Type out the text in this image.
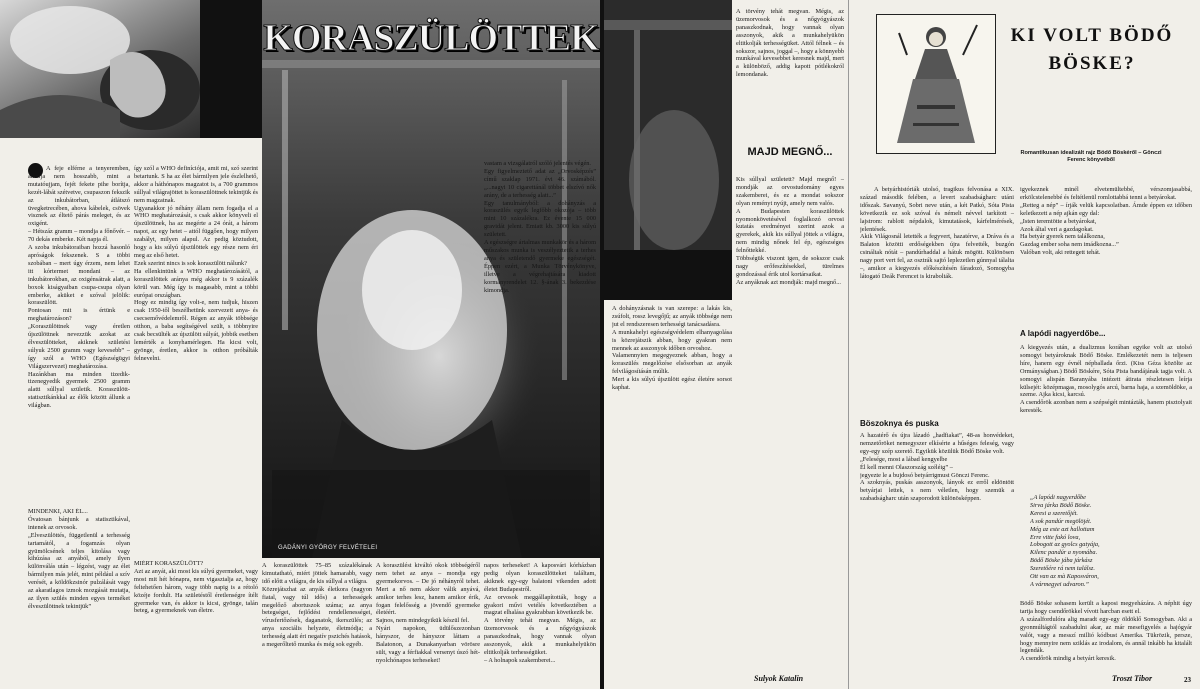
KORASZÜLÖTTEK
GADÁNYI GYÖRGY FELVÉTELEI
A feje elférne a tenyeremben, alkarja nem hosszabb, mint a mutatóujjam, fejét fekete pihe borítja, kezét-lábát szétvetve, csupaszon fekszik az inkubátorban, átlátszó üvegketrecében, ahova kábelek, csövek visznek az éltető párás meleget, és az oxigént.
– Hétszáz gramm – mondja a főnővér. – 70 dekás emberke. Két napja él.
A szoba inkubátoraiban hozzá hasonló apróságok fekszenek. S a többi szobában – mert úgy érzem, nem lehet itt kórtermet mondani – az inkubátorokban, az oxigénsátrak alatt, a boxok kiságyaiban csupa-csupa olyan emberke, aküket e szóval jelölik: koraszülött.
Pontosan mit is értünk e meghatározáson?
„Koraszülöttnek vagy éretlen újszülöttnek nevezzük azokat az élveszülötteket, akiknek születési súlyuk 2500 gramm vagy kevesebb” – így szól a WHO (Egészségügyi Világszervezet) meghatározása.
Hazánkban ma minden tizedik-tizenegyedik gyermek 2500 gramm alatti súllyal születik. Koraszülött-statisztikánkkal az élők között állunk a világban.
így szól a WHO definíciója, amit mi, szó szerint betartunk. S ha az élet bármilyen jele észlelhető, akkor a háthónapos magzatot is, a 700 grammos súllyal világrajöttet is koraszülöttnek tekintjük és nem magzatnak.
Ugyanakkor jó néhány állam nem fogadja el a WHO meghatározását, s csak akkor könyveli el újszülöttnek, ha az megérte a 24 órát, a három napot, az egy hetet – attól függően, hogy milyen szabályt, milyen alapul. Az pedig köztudott, hogy a kis súlyú újszülöttek egy része nem éri meg az első hetet.
Ezek szerint nincs is sok koraszülött nálunk?
Ha ellenkintünk a WHO meghatározásától, a koraszülöttek aránya még akkor is 9 százalék körül van. Még így is magasabb, mint a többi európai országban.
Hogy ez mindig így volt-e, nem tudjuk, hiszen csak 1950-től beszélhetünk szervezett anya- és csecsemővédelemről. Régen az anyák többsége otthon, a baba segítségével szült, s többnyire csak becsülték az újszülött súlyát, jobbik esetben lemérték a konyhamérlegen. Ha kicsi volt, gyönge, éretlen, akkor is otthon próbálták felnevelni.
MINDENKI, AKI ÉL...
Óvatosan bánjunk a statisztikával, intenek az orvosok.
„Elveszülöttés, függetlenül a terhesség tartamától, a fogamzás olyan gyümölcsének teljes kitolása vagy kihúzása az anyából, amely ilyen különválás után – légzést, vagy az élet bármilyen más jelét, mint például a szív verését, a köldökzsinór pulzálását vagy az akaratlagos izmok mozgását mutatja, az ilyen szülés minden egyes terméket élveszülöttnek tekintjük”
MIÉRT KORASZÜLÖTT?
Azt az anyát, aki most kis súlyú gyermeket, vagy most mit hét hónapra, nem vigasztalja az, hogy feltehetően három, vagy több napig is a rétoló közéje fordult. Ha születéstől éretlenségre ítélt gyermeke van, és akkor is kicsi, gyönge, talán beteg, a gyermeknek van életre.
A koraszülöttek 75–85 százalékának kimutatható, miért jöttek hamarabb, vagy idő előtt a világra, de kis súllyal a világra.
Közrejátszhat az anyák életkora (nagyon fiatal, vagy túl idős) a terhességek megelőző abortuszok száma; az anya betegségei, fejlődési rendellenességei, vírusfertőzések, daganatok, ikerszülés; az anya szociális helyzete, életmódja; a terhesség alatt éri negatív pszichés hatások, a megerőltető munka és még sok egyéb.
A koraszülést kiváltó okok többségéről nem tehet az anya – mondja egy gyermekorvos. – De jó néhányról tehet. Mert a nő nem akkor válik anyává, amikor terhes lesz, hanem amikor érik, fogan felelősség a jövendő gyermeke életéért.
Sajnos, nem mindegyikük készül fel.
Nyári napokon, üdülőszezonban hányszor, de hányszor láttam a Balatonon, a Dunakanyarban vörösre sült, vagy a férfiakkal versenyt úszó hét-nyolchónapos terheseket!
vastam a vizsgálatról szóló jelentés végén.
Egy figyelmeztető adat az „Orvosképzés” című szaklap 1971. évi 46. számából. „...nagyi 10 cigarettánál többet elszívó nők arány, de a terhesség alatt...”
Egy tanulmányból: a dohányzás a koraszülés egyik legfőbb okozója – több mint 10 százalékra. Ez évente 15 000 gravidát jelent. Emiatt kb. 3000 kis súlyú született.
A egészségre ártalmas munkakör és a három műszakos munka is veszélyeztetik a terhes anya és születendő gyermeke egészségét. Éppen ezért, a Munka Törvénykönyve, illetve a végrehajtására kiadott kormányrendelet 12. §-ának 3. bekezdése kimondja.
napos terheseket! A kaposvári kórházban pedig olyan koraszülötteket találtam, akiknek egy-egy balatoni vikenden adott életet Budapestről.
Az orvosok meggállapították, hogy a gyakori művi vetélés következtében a magzat elhalása gyakrabban következik be.
A törvény tehát megvan. Mégis, az üzemorvosok és a nőgyógyászok panaszkodnak, hogy vannak olyan asszonyok, akik a munkahelyükön eltitkolják terhességüket.
– A holnapok szakemberei...
A törvény tehát megvan. Mégis, az üzemorvosok és a nőgyógyászok panaszkodnak, hogy vannak olyan asszonyok, akik a munkahelyükön eltitkolják terhességüket. Attól félnek – és sokszor, sajnos, joggal –, hogy a könnyebb munkával kevesebbet keresnek majd, mert a különböző, addig kapott pótlékokról lemondanak.
MAJD MEGNŐ...
Kis súllyal született? Majd megnő! – mondják az orvostudomány egyes szakemberei, és ez a mondat sokszor olyan reményt nyújt, amely nem valós.
A Budapesten koraszülöttek nyomonkövetésével foglalkozó orvosi kutatás eredményei szerint azok a gyerekek, akik kis súllyal jöttek a világra, nem mindig nőnek fel ép, egészséges felnőttekké.
Többségük viszont igen, de sokszor csak nagy erőfeszítésekkel, türelmes gondozással érik utol kortársaikat.
Az anyáknak azt mondják: majd megnő...
A dohányzásnak is van szerepe: a lakás kis, zsúfolt, rossz levegőjű; az anyák többsége nem jut el rendszeresen terhességi tanácsadásra.
A munkahelyi egészségvédelem elhanyagolása is közrejátszik abban, hogy gyakran nem mennek az asszonyok időben orvoshoz.
Valamennyien megegyeznek abban, hogy a koraszülés megelőzése elsősorban az anyák felvilágosításán múlik.
Mert a kis súlyú újszülött egész életére sorsot kaphat.
Sulyok Katalin
KI VOLT BÖDŐ BÖSKE?
Romantikusan idealizált rajz Bödő Böskéről – Gönczi Ferenc könyvéből
A betyárhistóriák utolsó, tragikus felvonása a XIX. század második felében, a levert szabadságharc utáni időszak. Savanyú, Sobri neve után, a két Patkó, Sóta Pista következik ez sok szóval és némelt névvel tarkított – lajstrom: rablott népdalok, kimutatások, kárfelmérések, jelentések.
Akik Világosnál letették a fegyvert, hazatérve, a Dráva és a Balaton közötti erdőségekben újra felvették, buzgón csináltak nótát – pandúrhaddal a hátuk mögött. Különösen nagy port vert fel, az osztrák sajtó leplezetlen gúnnyal tálalta –, amikor a kiegyezés előkészítésén fáradozó, Somogyba látogató Deák Ferencet is kirabolták.
Böszoknya és puska
A hazatérő és újra lázadó „hadfiakat”, 48-as honvédeket, nemzetőröket nemegyszer elkísérte a hűséges feleség, vagy egy-egy szép szerető. Egyikük közülük Bödő Böske volt.
„Felesége, most a lábad kengyelbe
Él kell menni Olaszország széléig” –
jegyezte le a bujdosó betyárrigmust Gönczi Ferenc.
A szoknyás, puskás asszonyok, lányok ez erről eldöntött betyárjai lettek, s nem véletlen, hogy szemük a szabadságharc után szaporodott különösképpen.
igyekeznek minél elvetemültebbé, vérszomjasabbá, erkölcstelenebbé és feltétlenül romlottabbá tenni a betyárokat.
„Retteg a nép” – írják velük kapcsolatban. Ámde éppen ez időben keletkezett a nép ajkán egy dal:
„Isten teremtötte a betyárokat,
Azok által veri a gazdagokat.
Ha betyár gyerek nem találkozna,
Gazdag ember soha nem imádkozna...”
Valóban volt, aki rettegett tehát.
A lapódi nagyerdőbe...
A kiegyezés után, a dualizmus korában egyike volt az utolsó somogyi betyároknak Bödő Böske. Emlékezetét nem is teljesen híre, hanem egy évnél népballada őrzi. (Kiss Géza közölte az Ormányságban.) Bödő Böskére, Sóta Pista bandájának tagja volt. A somogyi alispán Baranyába intézett átirata részletesen leírja külsejét: középmagas, mosolygós arcú, barna haja, a szemöldöke, a szeme. Ajka kicsi, karcsú.
A csendőrök azonban nem a szépségét mintázták, hanem pisztolyait keresték.
„A lapódi nagyerdőbe
Sirva járka Bödő Böske.
Keresi a szeretőjét.
A sok pandúr megölöjét.
Még az este azt hallottam
Erre vitte fakó lova,
Lobogott az gyolcs gatyája,
Kilenc pandúr a nyomába.
Bödő Böske jába járkász
Szeretőére rá nem találsz.
Ott van az mà Kaposváron,
A vármegyei udvaron.”
Bödő Böske sohasem került a kaposi megyeházára. A néphit úgy tartja hogy csendőrökkel vívott harcban esett el.
A százalfordulóra alig maradt egy-egy öldöklő Somogyban. Aki a gyonmúltágtól szabadulni akar, az már mesefigyelés a hajógyár valót, vagy a messzí millió kódbust Amerika. Tükrözik, persze, hogy mennyire nem sziklás az irodalom, és annál inkább ha kitalált legendák.
A csendőrök mindig a betyárt keresik.
Troszt Tibor	23
